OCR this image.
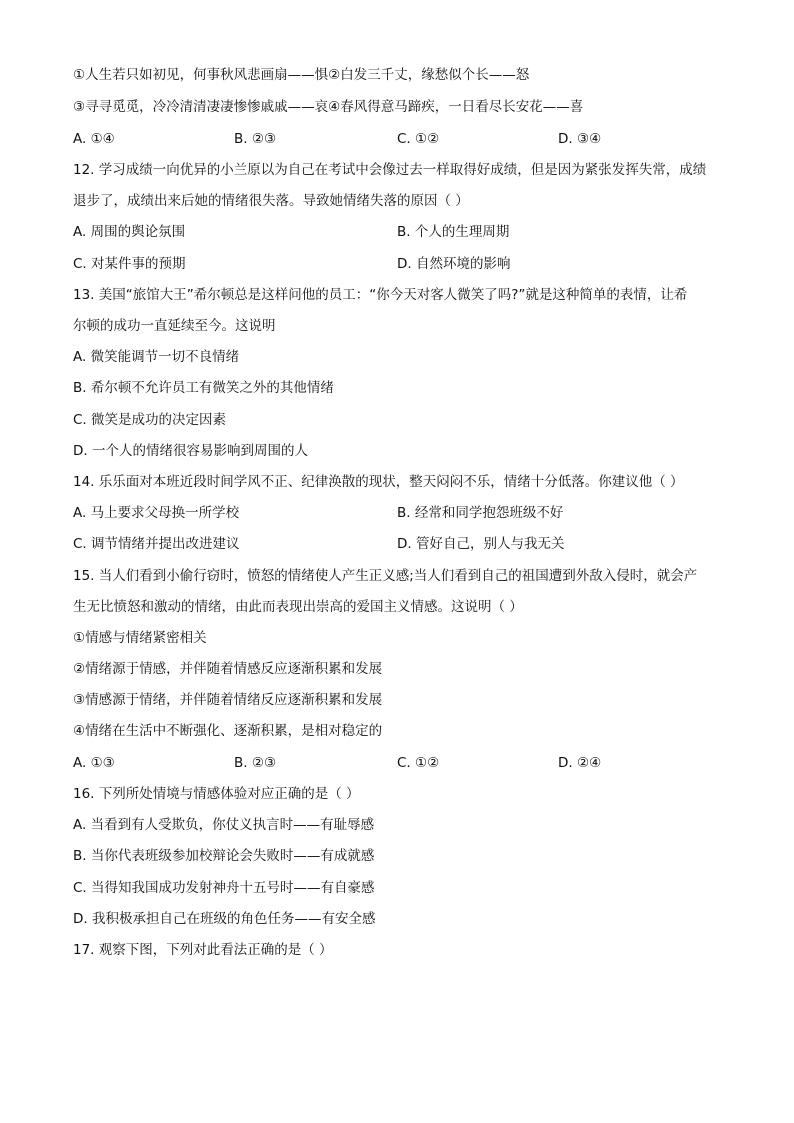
①人生若只如初见，何事秋风悲画扇——惧②白发三千丈，缘愁似个长——怒
③寻寻觅觅，冷冷清清凄凄惨惨戚戚——哀④春风得意马蹄疾，一日看尽长安花——喜
A. ①④	B. ②③	C. ①②	D. ③④
12. 学习成绩一向优异的小兰原以为自己在考试中会像过去一样取得好成绩，但是因为紧张发挥失常，成绩
退步了，成绩出来后她的情绪很失落。导致她情绪失落的原因（ ）
A. 周围的舆论氛围	B. 个人的生理周期
C. 对某件事的预期	D. 自然环境的影响
13. 美国“旅馆大王”希尔顿总是这样问他的员工：“你今天对客人微笑了吗?”就是这种简单的表情，让希
尔顿的成功一直延续至今。这说明
A. 微笑能调节一切不良情绪
B. 希尔顿不允许员工有微笑之外的其他情绪
C. 微笑是成功的决定因素
D. 一个人的情绪很容易影响到周围的人
14. 乐乐面对本班近段时间学风不正、纪律涣散的现状，整天闷闷不乐，情绪十分低落。你建议他（ ）
A. 马上要求父母换一所学校	B. 经常和同学抱怨班级不好
C. 调节情绪并提出改进建议	D. 管好自己，别人与我无关
15. 当人们看到小偷行窃时，愤怒的情绪使人产生正义感;当人们看到自己的祖国遭到外敌入侵时，就会产
生无比愤怒和激动的情绪，由此而表现出崇高的爱国主义情感。这说明（ ）
①情感与情绪紧密相关
②情绪源于情感，并伴随着情感反应逐渐积累和发展
③情感源于情绪，并伴随着情绪反应逐渐积累和发展
④情绪在生活中不断强化、逐渐积累，是相对稳定的
A. ①③	B. ②③	C. ①②	D. ②④
16. 下列所处情境与情感体验对应正确的是（ ）
A. 当看到有人受欺负，你仗义执言时——有耻辱感
B. 当你代表班级参加校辩论会失败时——有成就感
C. 当得知我国成功发射神舟十五号时——有自豪感
D. 我积极承担自己在班级的角色任务——有安全感
17. 观察下图，下列对此看法正确的是（ ）
